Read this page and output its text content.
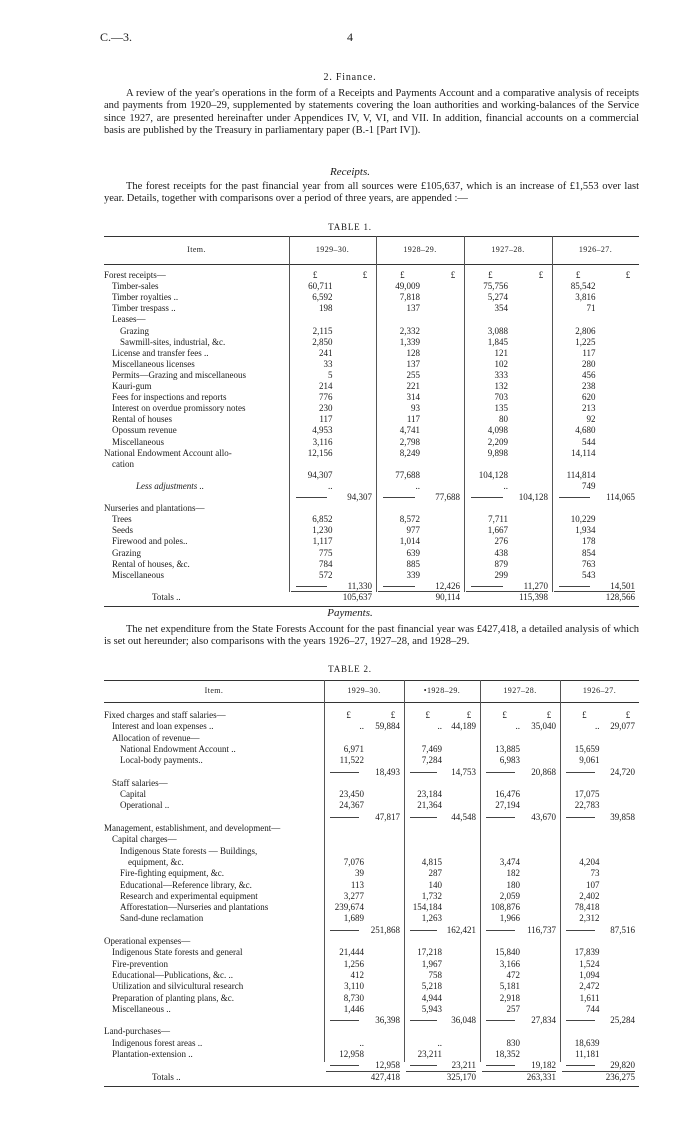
C.—3.	4
2. Finance.

A review of the year's operations in the form of a Receipts and Payments Account and a comparative analysis of receipts and payments from 1920–29, supplemented by statements covering the loan authorities and working-balances of the Service since 1927, are presented hereinafter under Appendices IV, V, VI, and VII. In addition, financial accounts on a commercial basis are published by the Treasury in parliamentary paper (B.-1 [Part IV]).

Receipts.

The forest receipts for the past financial year from all sources were £105,637, which is an increase of £1,553 over last year. Details, together with comparisons over a period of three years, are appended :—

TABLE 1.
Item.	1929–30.	1928–29.	1927–28.	1926–27.
Forest receipts—	£	£	£	£	£	£	£	£
Timber-sales	60,711	49,009	75,756	85,542
Timber royalties ..	6,592	7,818	5,274	3,816
Timber trespass ..	198	137	354	71
Leases—
Grazing	2,115	2,332	3,088	2,806
Sawmill-sites, industrial, &c.	2,850	1,339	1,845	1,225
License and transfer fees ..	241	128	121	117
Miscellaneous licenses	33	137	102	280
Permits—Grazing and miscellaneous	5	255	333	456
Kauri-gum	214	221	132	238
Fees for inspections and reports	776	314	703	620
Interest on overdue promissory notes	230	93	135	213
Rental of houses	117	117	80	92
Opossum revenue	4,953	4,741	4,098	4,680
Miscellaneous	3,116	2,798	2,209	544
National Endowment Account allo-	12,156	8,249	9,898	14,114
cation
94,307	77,688	104,128	114,814
Less adjustments ..	..	..	..	749
94,307	77,688	104,128	114,065
Nurseries and plantations—
Trees	6,852	8,572	7,711	10,229
Seeds	1,230	977	1,667	1,934
Firewood and poles..	1,117	1,014	276	178
Grazing	775	639	438	854
Rental of houses, &c.	784	885	879	763
Miscellaneous	572	339	299	543
11,330	12,426	11,270	14,501
Totals ..	105,637	90,114	115,398	128,566
Payments.

The net expenditure from the State Forests Account for the past financial year was £427,418, a detailed analysis of which is set out hereunder; also comparisons with the years 1926–27, 1927–28, and 1928–29.

TABLE 2.
Item.	1929–30.	•1928–29.	1927–28.	1926–27.
Fixed charges and staff salaries—	£	£	£	£	£	£	£	£
Interest and loan expenses ..	..	59,884	..	44,189	..	35,040	..	29,077
Allocation of revenue—
National Endowment Account ..	6,971	7,469	13,885	15,659
Local-body payments..	11,522	7,284	6,983	9,061
18,493	14,753	20,868	24,720
Staff salaries—
Capital	23,450	23,184	16,476	17,075
Operational ..	24,367	21,364	27,194	22,783
47,817	44,548	43,670	39,858
Management, establishment, and development—
Capital charges—
Indigenous State forests — Buildings,
equipment, &c.	7,076	4,815	3,474	4,204
Fire-fighting equipment, &c.	39	287	182	73
Educational—Reference library, &c.	113	140	180	107
Research and experimental equipment	3,277	1,732	2,059	2,402
Afforestation—Nurseries and plantations	239,674	154,184	108,876	78,418
Sand-dune reclamation	1,689	1,263	1,966	2,312
251,868	162,421	116,737	87,516
Operational expenses—
Indigenous State forests and general	21,444	17,218	15,840	17,839
Fire-prevention	1,256	1,967	3,166	1,524
Educational—Publications, &c. ..	412	758	472	1,094
Utilization and silvicultural research	3,110	5,218	5,181	2,472
Preparation of planting plans, &c.	8,730	4,944	2,918	1,611
Miscellaneous ..	1,446	5,943	257	744
36,398	36,048	27,834	25,284
Land-purchases—
Indigenous forest areas ..	..	..	830	18,639
Plantation-extension ..	12,958	23,211	18,352	11,181
12,958	23,211	19,182	29,820
Totals ..	427,418	325,170	263,331	236,275
